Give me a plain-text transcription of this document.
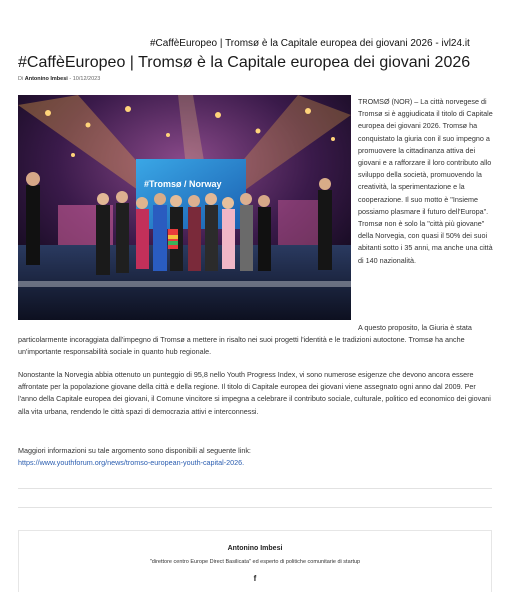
#CaffèEuropeo | Tromsø è la Capitale europea dei giovani 2026 - ivl24.it
#CaffèEuropeo | Tromsø è la Capitale europea dei giovani 2026
Di Antonino Imbesi - 10/12/2023
#Tromsø / Norway
TROMSØ (NOR) – La città norvegese di Tromsø si è aggiudicata il titolo di Capitale europea dei giovani 2026. Tromsø ha conquistato la giuria con il suo impegno a promuovere la cittadinanza attiva dei giovani e a rafforzare il loro contributo allo sviluppo della società, promuovendo la creatività, la sperimentazione e la cooperazione. Il suo motto è "Insieme possiamo plasmare il futuro dell'Europa". Tromsø non è solo la "città più giovane" della Norvegia, con quasi il 50% dei suoi abitanti sotto i 35 anni, ma anche una città di 140 nazionalità.
A questo proposito, la Giuria è stata
particolarmente incoraggiata dall'impegno di Tromsø a mettere in risalto nei suoi progetti l'identità e le tradizioni autoctone. Tromsø ha anche un'importante responsabilità sociale in quanto hub regionale.

Nonostante la Norvegia abbia ottenuto un punteggio di 95,8 nello Youth Progress Index, vi sono numerose esigenze che devono ancora essere affrontate per la popolazione giovane della città e della regione. Il titolo di Capitale europea dei giovani viene assegnato ogni anno dal 2009. Per l'anno della Capitale europea dei giovani, il Comune vincitore si impegna a celebrare il contributo sociale, culturale, politico ed economico dei giovani alla vita urbana, rendendo le città spazi di democrazia attivi e interconnessi.

Maggiori informazioni su tale argomento sono disponibili al seguente link:
https://www.youthforum.org/news/tromso-european-youth-capital-2026.
Antonino Imbesi
"direttore centro Europe Direct Basilicata" ed esperto di politiche comunitarie di startup
f
